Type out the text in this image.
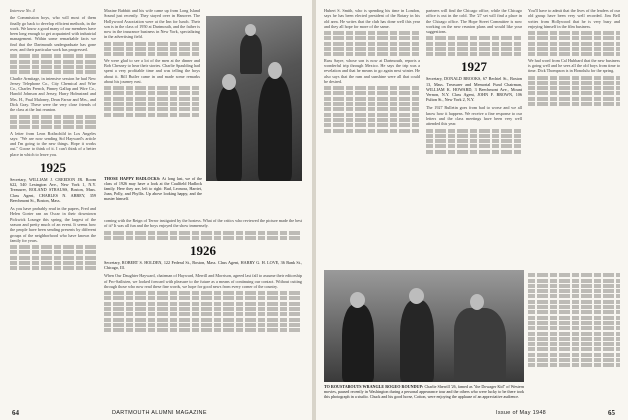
Intervew No. 4

the Commission boys, who will most of them finally go back to develop efficient methods, in the work. We know a good many of our members have been long enough to get acquainted with industrial management. Within some remarkable facts we find that the Dartmouth undergraduate has gone over, and their particular work has progressed.

Charlie Armitage, in intensive session he had New Jersey Telephone Co., City Chemical and Wire Co., Charles French, Pinney Gallup and Wire Co., Harold Johnson and Jersey, Harry Holmstead and Mrs. H., Paul Maloney, Dean Farrar and Mrs., and Dick Gray. These were the very close friends of the class at the last reunion.

A letter from Leon Rothschild in Los Angeles says: "We are now sending Sid Hayward's article and I'm going to the new things. Hope it works out." Goose to think of it. I can't think of a better place in which to leave you.

1925
Secretary, WILLIAM J. CREEDON JR. Room 622, 540 Lexington Ave., New York 1, N.Y. Treasurer, ROLAND STRAUSS, Boston, Mass. Class Agent, CHARLES N. ABBEY, 359 Beechmont St., Boston, Mass.

As you have probably read in the papers, Fred and Helen Gorter ran an Oscar in their downtown Pickwick Lounge this spring, the largest of the season and pretty much of an event. It seems how the people have been sending presents by different groups of the neighborhood who have known the family for years.

Maxine Babbitt and his wife came up from Long Island Sound just recently. They stayed over in Hanover. The Hollywood Association were at the Inn for lunch. Their son is in the class of 1950 at Dartmouth, and the father is now in the insurance business in New York, specializing in the advertising field.

We were glad to see a lot of the men at the dinner and Bob Chesney to hear their stories. Charlie Spaulding had spent a very profitable time and was telling the boys about it. Bill Butler came in and made some remarks about his journey east.

THOSE HAPPY HADLOCKS: At long last, we of the class of 1926 may have a look at the Caulfield Hadlock family. Here they are, left to right: Bud, Leonora, Harriet, Joan, Polly, and Phyllis. Up above looking happy, and the master himself.

coming with the Reign of Terror instigated by the hostess. What of the critics who reviewed the picture made the best of it? It was all fun and the boys enjoyed the show immensely.

1926
Secretary, ROBERT S. HOLDEN, 122 Federal St., Boston, Mass. Class Agent, HARRY G. H. LOVE, 36 Bank St., Chicago, Ill.

When Our Daughter Hayward, chairman of Hayward, Merrill and Morrison, agreed last fall to assume their editorship of Pro-Sailisten, we looked forward with pleasure to the future as a means of continuing our contact. Without cutting through those who now read these fine words, we hope for good news from every corner of the country.

64	DARTMOUTH ALUMNI MAGAZINE

Hubert S. Smith, who is spending his time in London, says he has been elected president of the Rotary in his old area. He writes that the club has done well this year and they all hope for more of the same.

Russ Sayre, whose son is now at Dartmouth, reports a wonderful trip through Mexico. He says the trip was a revelation and that he means to go again next winter. He also says that the rum and sunshine were all that could be desired.

partners will find the Chicago office, while the Chicago office is out in the cold. The '27 set will find a place in the Chicago office. The Hope Street Committee is now working on the new reunion plans and would like your suggestions.

1927
Secretary, DONALD BROOKS, 67 Bechtel St., Boston 13, Mass. Treasurer and Memorial Fund Chairman, WILLIAM K. HOWARD, 3 Beechmont Ave., Mount Vernon, N.Y. Class Agent, JOHN F. BROWN, 106 Fulton St., New York 2, N.Y.

The 1927 Bulletin goes from bad to worse and we all know how it happens. We receive a fine response to our letters and the class meetings have been very well attended this year.

You'll have to admit that the lives of the leaders of our old group have been very well recorded. Jim Bell writes from Hollywood that he is very busy and enjoying himself in the film business.

We had word from Cal Hubbard that the new business is going well and he sees all the old boys from time to time. Dick Thompson is in Honolulu for the spring.

TO ROUSTABOUTS WRANGLE ROGEO ROUNDUP: Charlie Sherrill '26, famed as "the Dowager Kid" of Western movies, paused recently in Washington during a personal appearance tour and the others who were lucky to be there took this photograph in a studio. Chuck and his good horse, Cotton, were enjoying the applause of an appreciative audience.
Issue of May 1948	65
